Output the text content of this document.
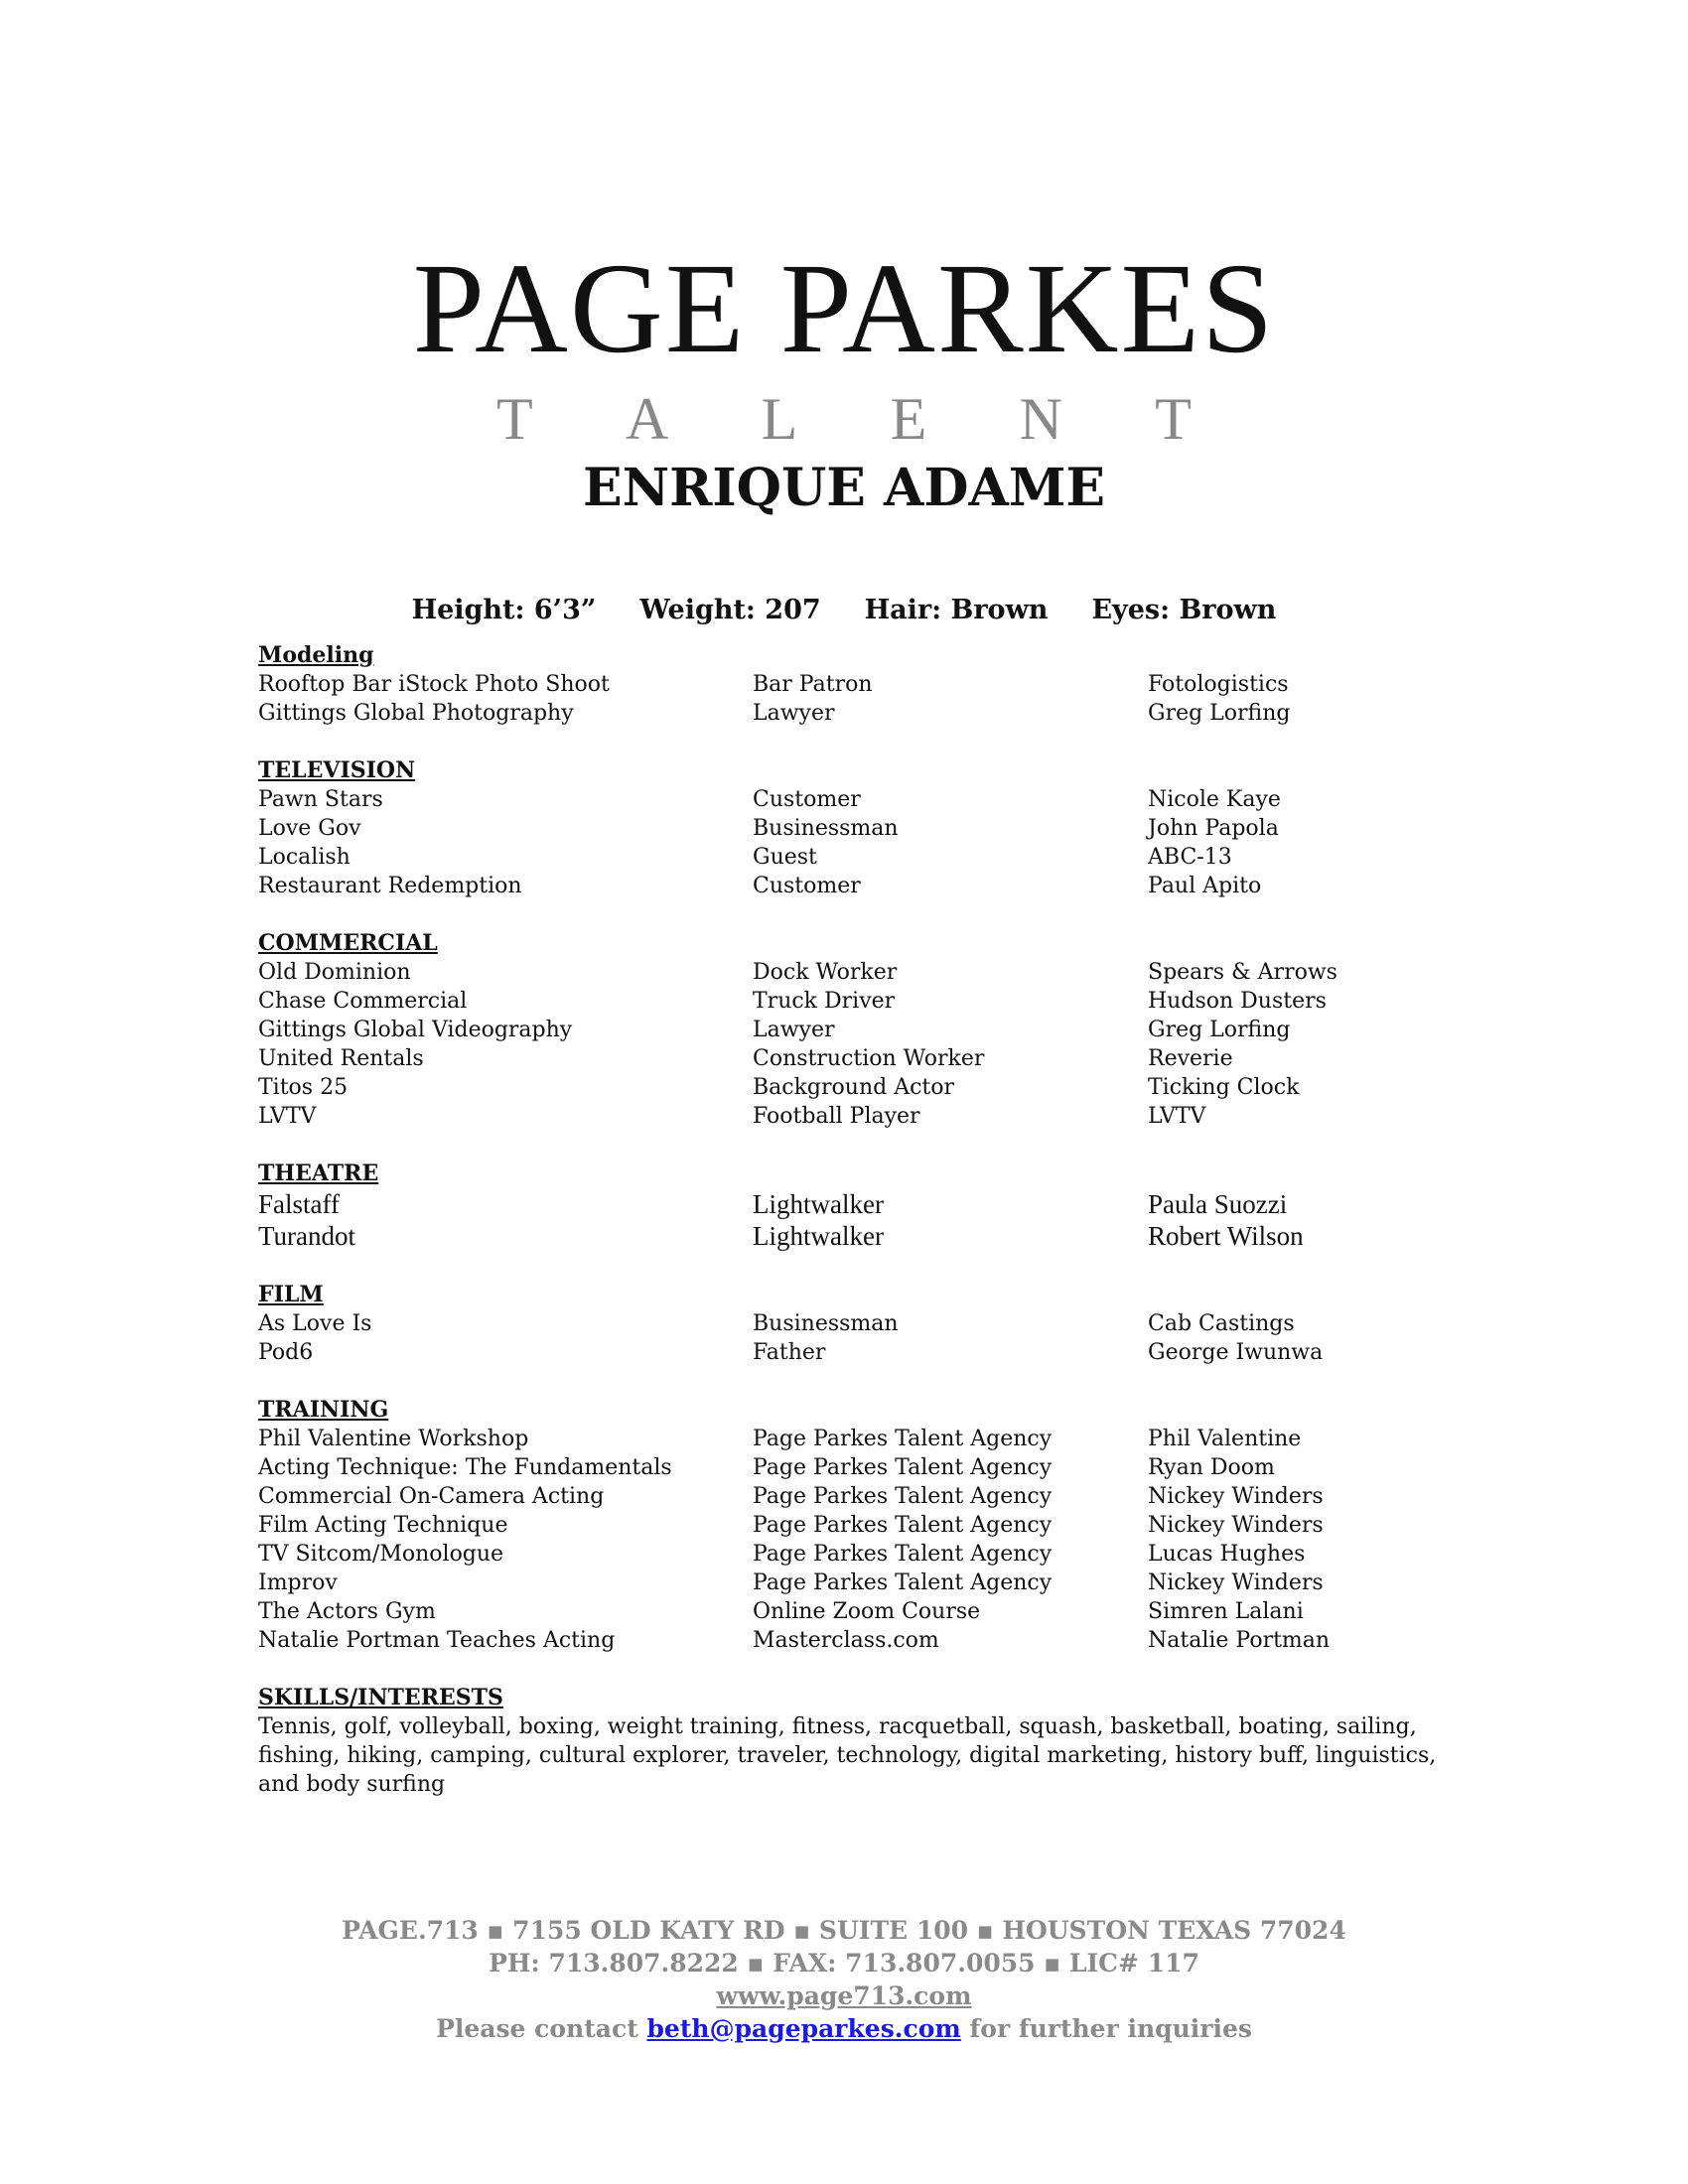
PAGE PARKES
T A L E N T
ENRIQUE ADAME
Height: 6’3” Weight: 207 Hair: Brown Eyes: Brown
Modeling
Rooftop Bar iStock Photo Shoot	Bar Patron	Fotologistics
Gittings Global Photography	Lawyer	Greg Lorfing
TELEVISION
Pawn Stars	Customer	Nicole Kaye
Love Gov	Businessman	John Papola
Localish	Guest	ABC-13
Restaurant Redemption	Customer	Paul Apito
COMMERCIAL
Old Dominion	Dock Worker	Spears & Arrows
Chase Commercial	Truck Driver	Hudson Dusters
Gittings Global Videography	Lawyer	Greg Lorfing
United Rentals	Construction Worker	Reverie
Titos 25	Background Actor	Ticking Clock
LVTV	Football Player	LVTV
THEATRE
Falstaff	Lightwalker	Paula Suozzi
Turandot	Lightwalker	Robert Wilson
FILM
As Love Is	Businessman	Cab Castings
Pod6	Father	George Iwunwa
TRAINING
Phil Valentine Workshop	Page Parkes Talent Agency	Phil Valentine
Acting Technique: The Fundamentals	Page Parkes Talent Agency	Ryan Doom
Commercial On-Camera Acting	Page Parkes Talent Agency	Nickey Winders
Film Acting Technique	Page Parkes Talent Agency	Nickey Winders
TV Sitcom/Monologue	Page Parkes Talent Agency	Lucas Hughes
Improv	Page Parkes Talent Agency	Nickey Winders
The Actors Gym	Online Zoom Course	Simren Lalani
Natalie Portman Teaches Acting	Masterclass.com	Natalie Portman
SKILLS/INTERESTS
Tennis, golf, volleyball, boxing, weight training, fitness, racquetball, squash, basketball, boating, sailing, fishing, hiking, camping, cultural explorer, traveler, technology, digital marketing, history buff, linguistics, and body surfing
PAGE.713 ▪ 7155 OLD KATY RD ▪ SUITE 100 ▪ HOUSTON TEXAS 77024
PH: 713.807.8222 ▪ FAX: 713.807.0055 ▪ LIC# 117
www.page713.com
Please contact beth@pageparkes.com for further inquiries
